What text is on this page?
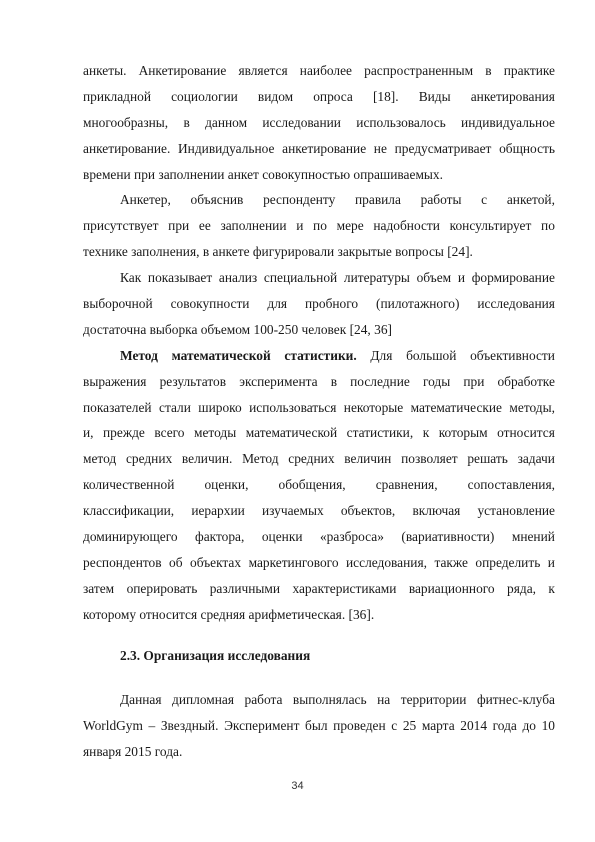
анкеты. Анкетирование является наиболее распространенным в практике
прикладной социологии видом опроса [18]. Виды анкетирования
многообразны, в данном исследовании использовалось индивидуальное
анкетирование. Индивидуальное анкетирование не предусматривает общность
времени при заполнении анкет совокупностью опрашиваемых.
Анкетер, объяснив респонденту правила работы с анкетой,
присутствует при ее заполнении и по мере надобности консультирует по
технике заполнения, в анкете фигурировали закрытые вопросы [24].
Как показывает анализ специальной литературы объем и формирование
выборочной совокупности для пробного (пилотажного) исследования
достаточна выборка объемом 100-250 человек [24, 36]
Метод математической статистики. Для большой объективности
выражения результатов эксперимента в последние годы при обработке
показателей стали широко использоваться некоторые математические методы,
и, прежде всего методы математической статистики, к которым относится
метод средних величин. Метод средних величин позволяет решать задачи
количественной оценки, обобщения, сравнения, сопоставления,
классификации, иерархии изучаемых объектов, включая установление
доминирующего фактора, оценки «разброса» (вариативности) мнений
респондентов об объектах маркетингового исследования, также определить и
затем оперировать различными характеристиками вариационного ряда, к
которому относится средняя арифметическая. [36].
2.3. Организация исследования
Данная дипломная работа выполнялась на территории фитнес-клуба
WorldGym – Звездный. Эксперимент был проведен с 25 марта 2014 года до 10
января 2015 года.
34
